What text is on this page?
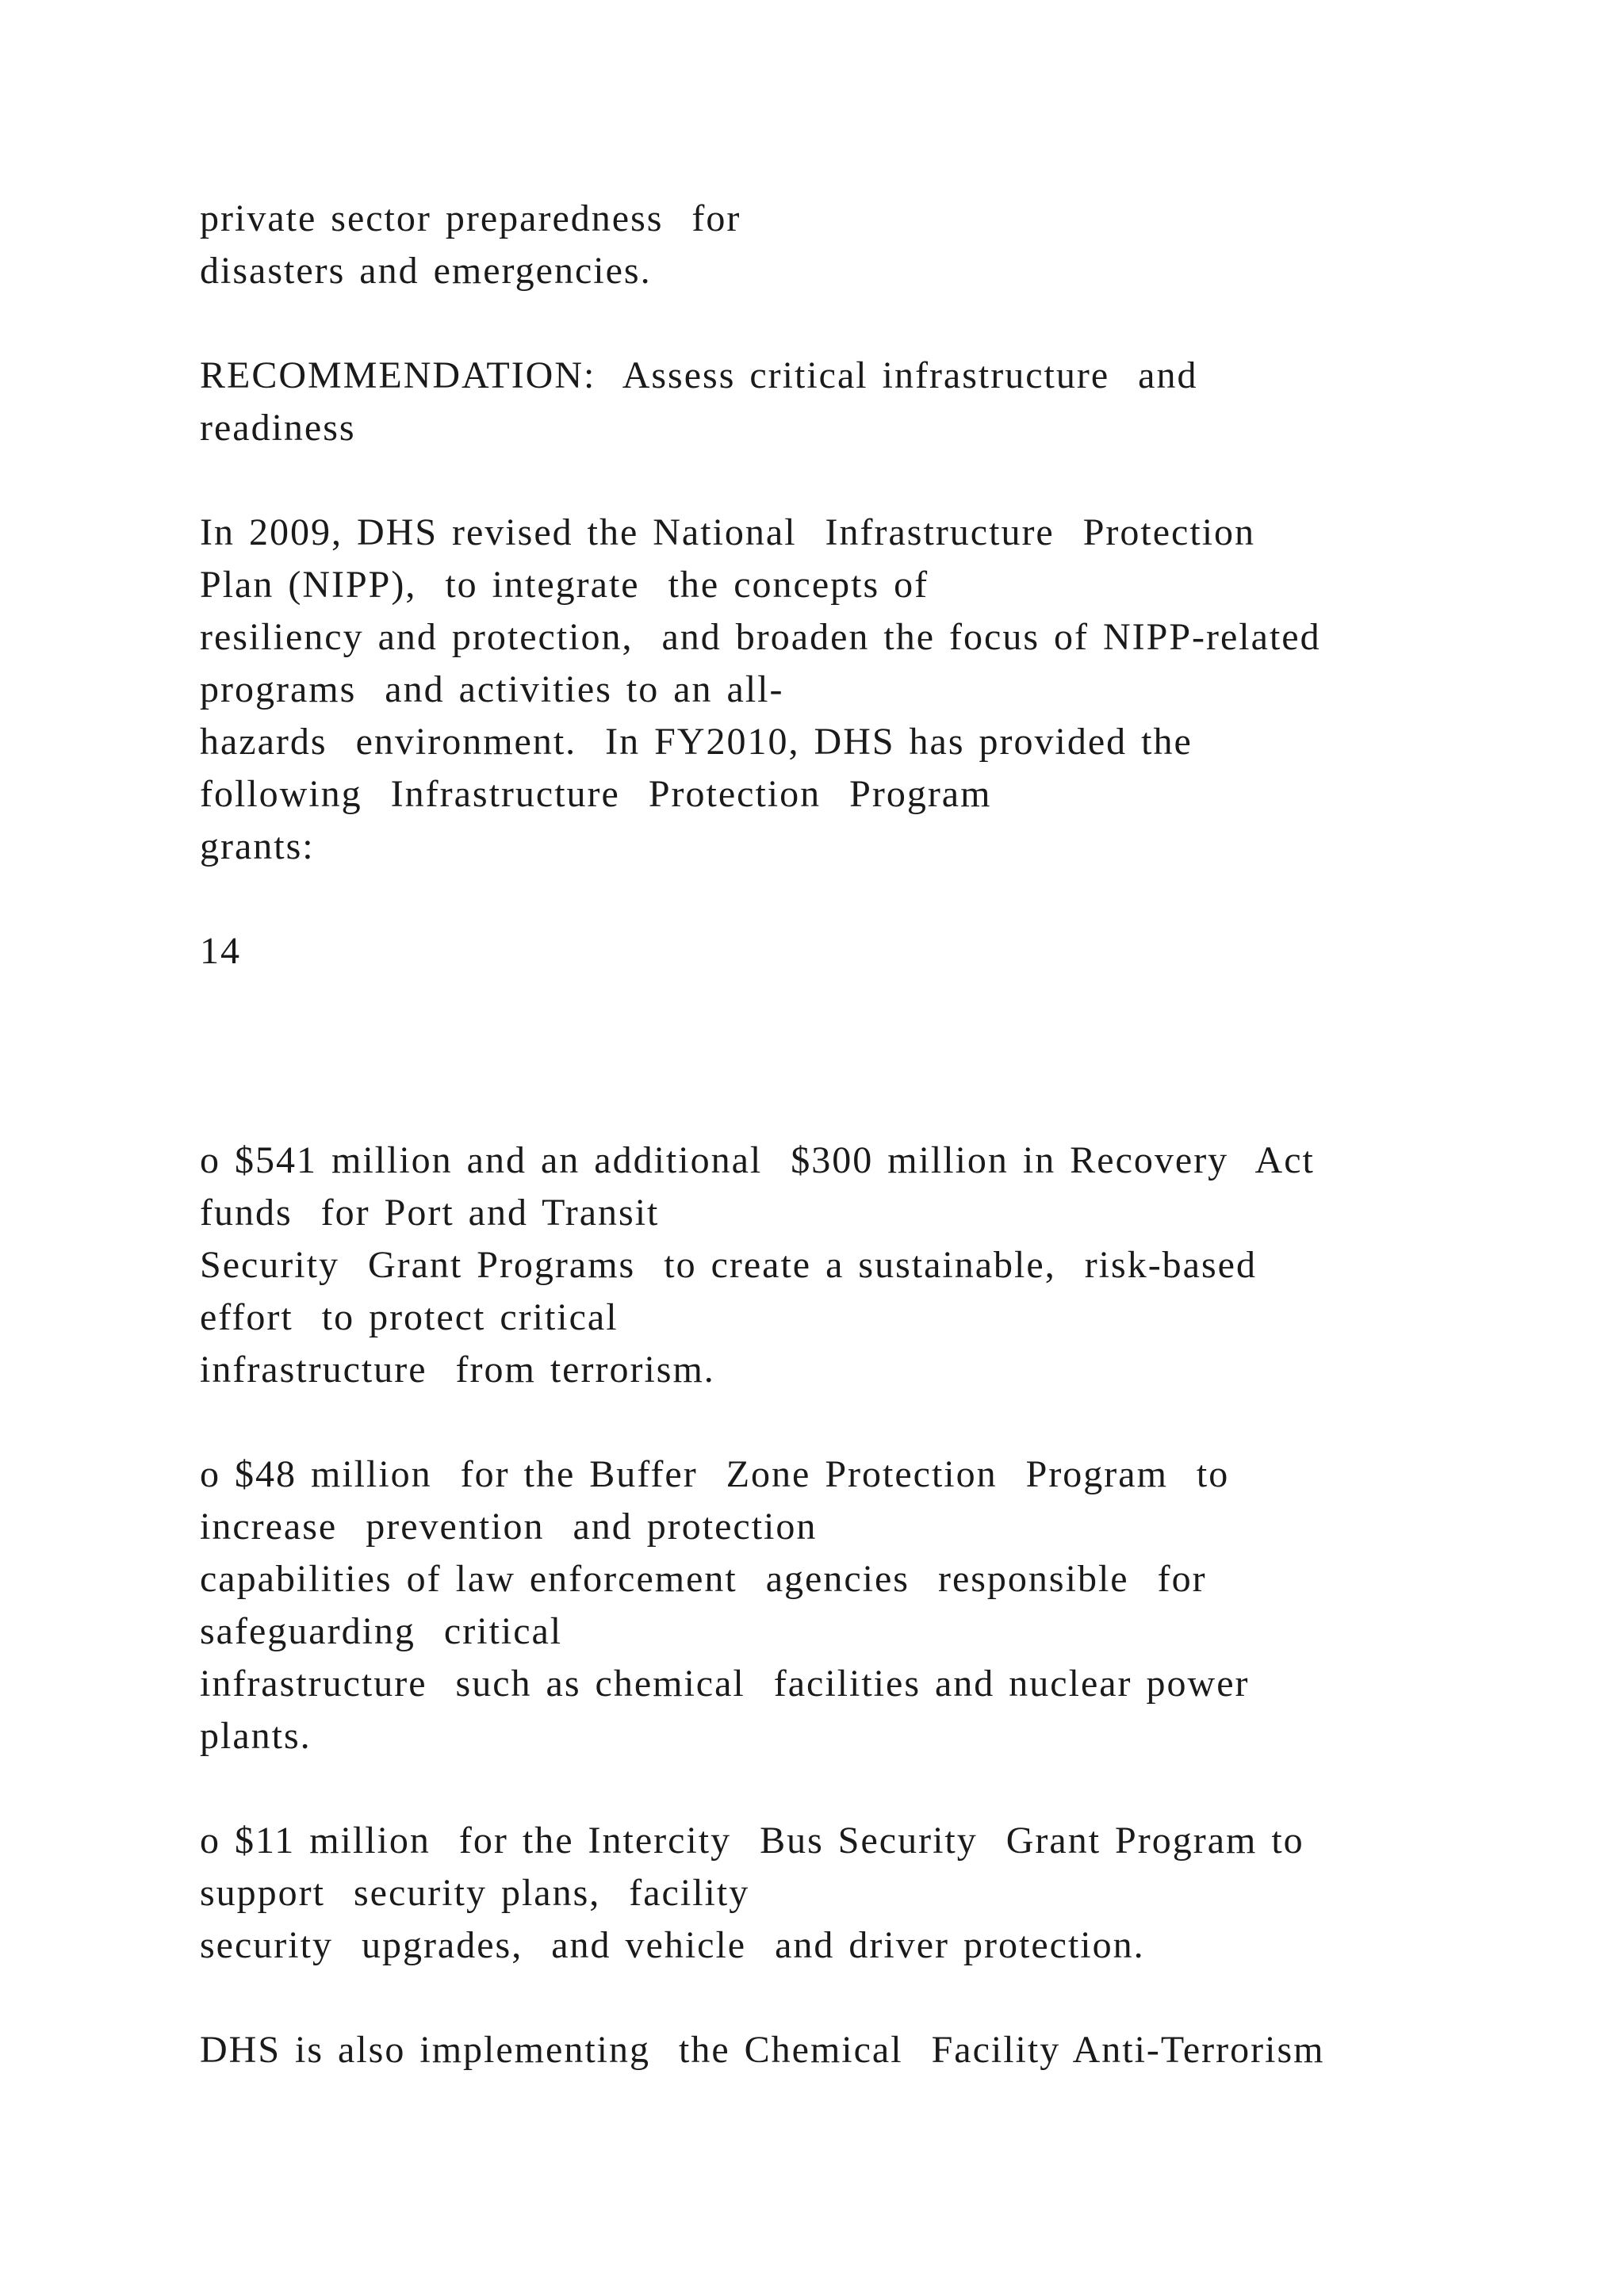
private sector preparedness  for

disasters and emergencies.

RECOMMENDATION:  Assess critical infrastructure  and

readiness

In 2009, DHS revised the National  Infrastructure  Protection

Plan (NIPP),  to integrate  the concepts of

resiliency and protection,  and broaden the focus of NIPP-related

programs  and activities to an all-

hazards  environment.  In FY2010, DHS has provided the

following  Infrastructure  Protection  Program

grants:

14

o $541 million and an additional  $300 million in Recovery  Act

funds  for Port and Transit

Security  Grant Programs  to create a sustainable,  risk-based

effort  to protect critical

infrastructure  from terrorism.

o $48 million  for the Buffer  Zone Protection  Program  to

increase  prevention  and protection

capabilities of law enforcement  agencies  responsible  for

safeguarding  critical

infrastructure  such as chemical  facilities and nuclear power

plants.

o $11 million  for the Intercity  Bus Security  Grant Program to

support  security plans,  facility

security  upgrades,  and vehicle  and driver protection.

DHS is also implementing  the Chemical  Facility Anti-Terrorism
